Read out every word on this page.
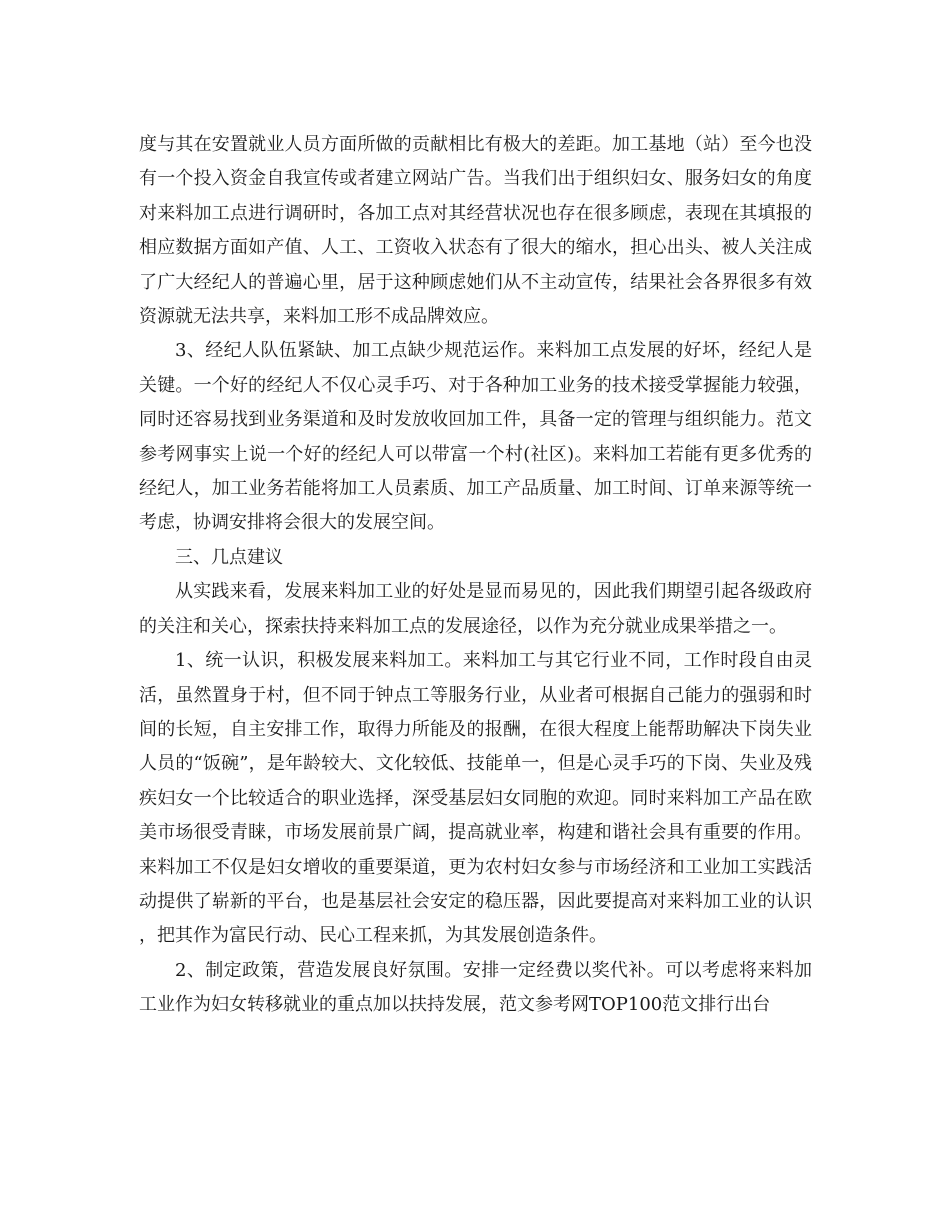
度与其在安置就业人员方面所做的贡献相比有极大的差距。加工基地（站）至今也没有一个投入资金自我宣传或者建立网站广告。当我们出于组织妇女、服务妇女的角度对来料加工点进行调研时，各加工点对其经营状况也存在很多顾虑，表现在其填报的相应数据方面如产值、人工、工资收入状态有了很大的缩水，担心出头、被人关注成了广大经纪人的普遍心里，居于这种顾虑她们从不主动宣传，结果社会各界很多有效资源就无法共享，来料加工形不成品牌效应。

3、经纪人队伍紧缺、加工点缺少规范运作。来料加工点发展的好坏，经纪人是关键。一个好的经纪人不仅心灵手巧、对于各种加工业务的技术接受掌握能力较强，同时还容易找到业务渠道和及时发放收回加工件，具备一定的管理与组织能力。范文参考网事实上说一个好的经纪人可以带富一个村(社区)。来料加工若能有更多优秀的经纪人，加工业务若能将加工人员素质、加工产品质量、加工时间、订单来源等统一考虑，协调安排将会很大的发展空间。

三、几点建议

从实践来看，发展来料加工业的好处是显而易见的，因此我们期望引起各级政府的关注和关心，探索扶持来料加工点的发展途径，以作为充分就业成果举措之一。

1、统一认识，积极发展来料加工。来料加工与其它行业不同，工作时段自由灵活，虽然置身于村，但不同于钟点工等服务行业，从业者可根据自己能力的强弱和时间的长短，自主安排工作，取得力所能及的报酬，在很大程度上能帮助解决下岗失业人员的“饭碗”，是年龄较大、文化较低、技能单一，但是心灵手巧的下岗、失业及残疾妇女一个比较适合的职业选择，深受基层妇女同胞的欢迎。同时来料加工产品在欧美市场很受青睐，市场发展前景广阔，提高就业率，构建和谐社会具有重要的作用。来料加工不仅是妇女增收的重要渠道，更为农村妇女参与市场经济和工业加工实践活动提供了崭新的平台，也是基层社会安定的稳压器，因此要提高对来料加工业的认识，把其作为富民行动、民心工程来抓，为其发展创造条件。

2、制定政策，营造发展良好氛围。安排一定经费以奖代补。可以考虑将来料加工业作为妇女转移就业的重点加以扶持发展，范文参考网TOP100范文排行出台
